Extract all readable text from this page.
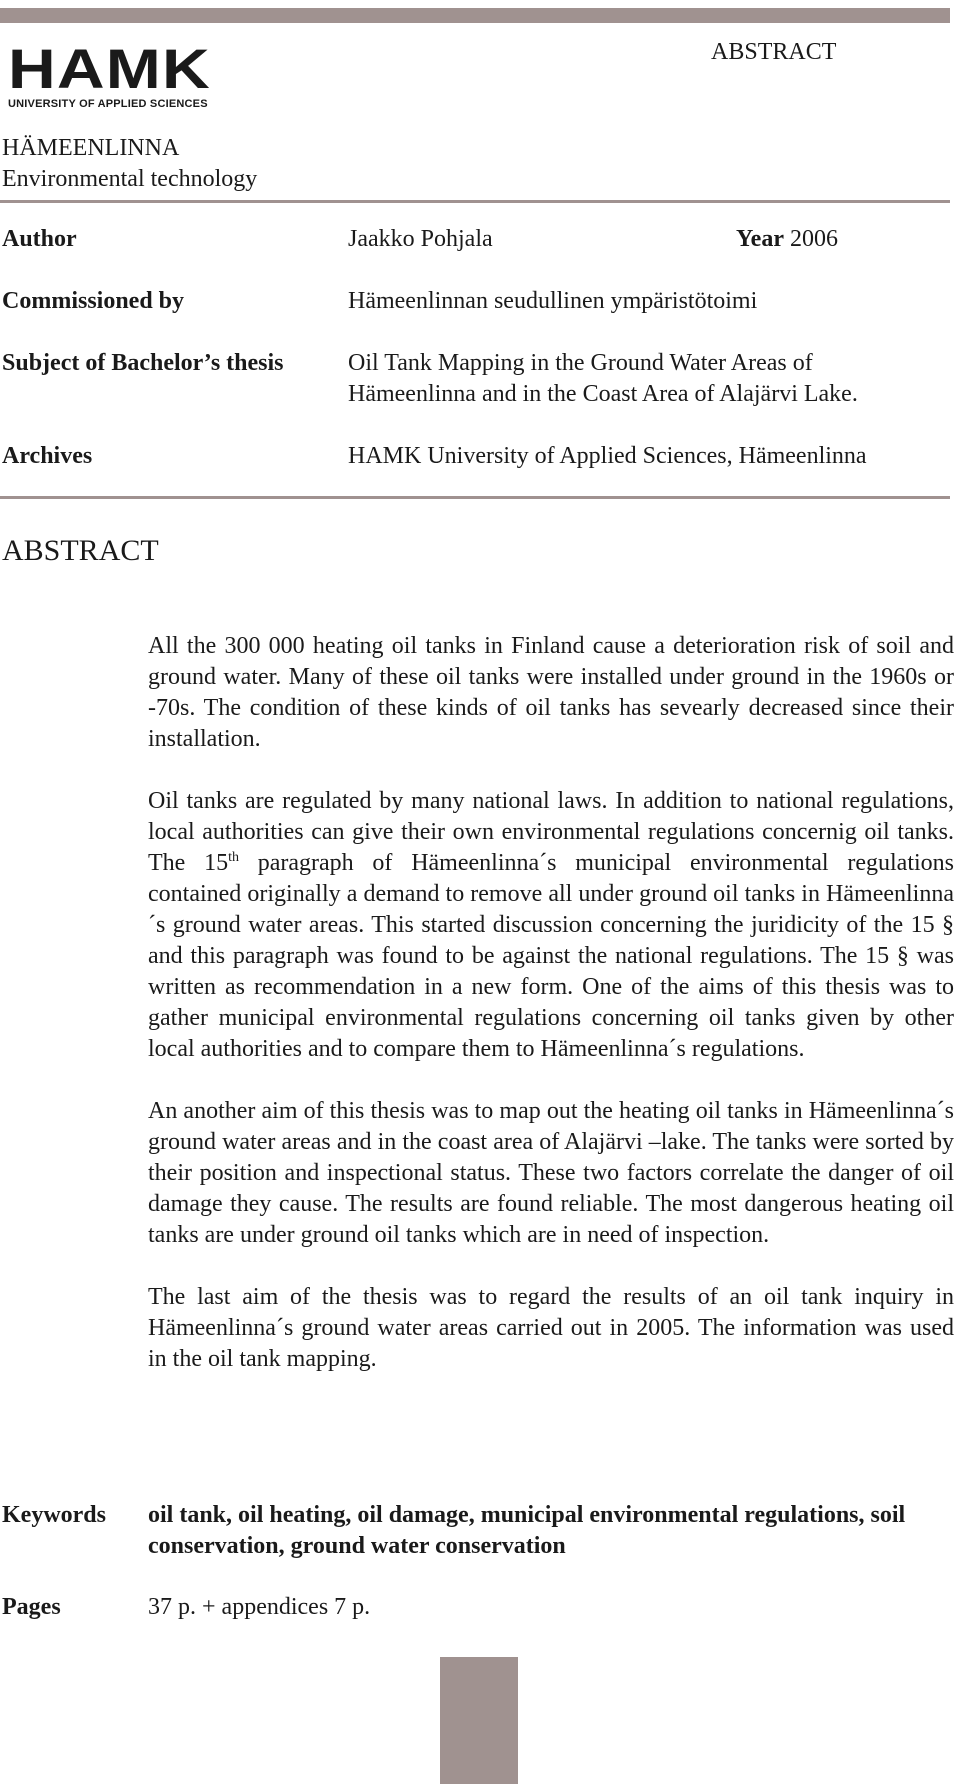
HAMK
UNIVERSITY OF APPLIED SCIENCES
ABSTRACT
HÄMEENLINNA
Environmental technology
Author	Jaakko Pohjala	Year 2006
Commissioned by	Hämeenlinnan seudullinen ympäristötoimi
Subject of Bachelor’s thesis	Oil Tank Mapping in the Ground Water Areas of
Hämeenlinna and in the Coast Area of Alajärvi Lake.
Archives	HAMK University of Applied Sciences, Hämeenlinna
ABSTRACT

All the 300 000 heating oil tanks in Finland cause a deterioration risk of soil and ground water. Many of these oil tanks were installed under ground in the 1960s or -70s. The condition of these kinds of oil tanks has sevearly decreased since their installation.

Oil tanks are regulated by many national laws. In addition to national regulations, local authorities can give their own environmental regulations concernig oil tanks. The 15th paragraph of Hämeenlinna´s municipal environmental regulations contained originally a demand to remove all under ground oil tanks in Hämeenlinna´s ground water areas. This started discussion concerning the juridicity of the 15 § and this paragraph was found to be against the national regulations. The 15 § was written as recommendation in a new form. One of the aims of this thesis was to gather municipal environmental regulations concerning oil tanks given by other local authorities and to compare them to Hämeenlinna´s regulations.

An another aim of this thesis was to map out the heating oil tanks in Hämeenlinna´s ground water areas and in the coast area of Alajärvi –lake. The tanks were sorted by their position and inspectional status. These two factors correlate the danger of oil damage they cause. The results are found reliable. The most dangerous heating oil tanks are under ground oil tanks which are in need of inspection.

The last aim of the thesis was to regard the results of an oil tank inquiry in Hämeenlinna´s ground water areas carried out in 2005. The information was used in the oil tank mapping.

Keywords oil tank, oil heating, oil damage, municipal environmental regulations, soil conservation, ground water conservation
Pages	37 p. + appendices 7 p.
